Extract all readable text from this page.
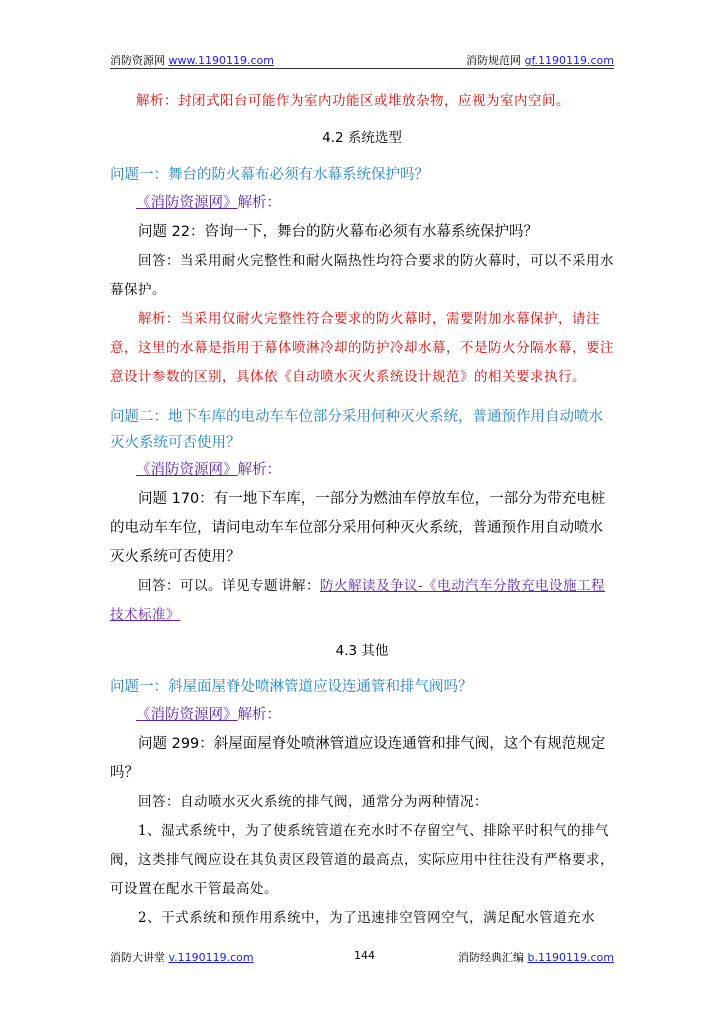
消防资源网 www.1190119.com	消防规范网 gf.1190119.com

解析：封闭式阳台可能作为室内功能区或堆放杂物，应视为室内空间。

4.2 系统选型

问题一：舞台的防火幕布必须有水幕系统保护吗？

《消防资源网》解析：

问题 22：咨询一下，舞台的防火幕布必须有水幕系统保护吗？

回答：当采用耐火完整性和耐火隔热性均符合要求的防火幕时，可以不采用水幕保护。

解析：当采用仅耐火完整性符合要求的防火幕时，需要附加水幕保护，请注意，这里的水幕是指用于幕体喷淋冷却的防护冷却水幕，不是防火分隔水幕，要注意设计参数的区别，具体依《自动喷水灭火系统设计规范》的相关要求执行。

问题二：地下车库的电动车车位部分采用何种灭火系统，普通预作用自动喷水灭火系统可否使用？

《消防资源网》解析：

问题 170：有一地下车库，一部分为燃油车停放车位，一部分为带充电桩的电动车车位，请问电动车车位部分采用何种灭火系统，普通预作用自动喷水灭火系统可否使用？

回答：可以。详见专题讲解：防火解读及争议-《电动汽车分散充电设施工程技术标准》

4.3 其他

问题一：斜屋面屋脊处喷淋管道应设连通管和排气阀吗？

《消防资源网》解析：

问题 299：斜屋面屋脊处喷淋管道应设连通管和排气阀，这个有规范规定吗？

回答：自动喷水灭火系统的排气阀，通常分为两种情况：

1、湿式系统中，为了使系统管道在充水时不存留空气、排除平时积气的排气阀，这类排气阀应设在其负责区段管道的最高点，实际应用中往往没有严格要求，可设置在配水干管最高处。

2、干式系统和预作用系统中，为了迅速排空管网空气，满足配水管道充水

消防大讲堂 v.1190119.com	144	消防经典汇编 b.1190119.com
